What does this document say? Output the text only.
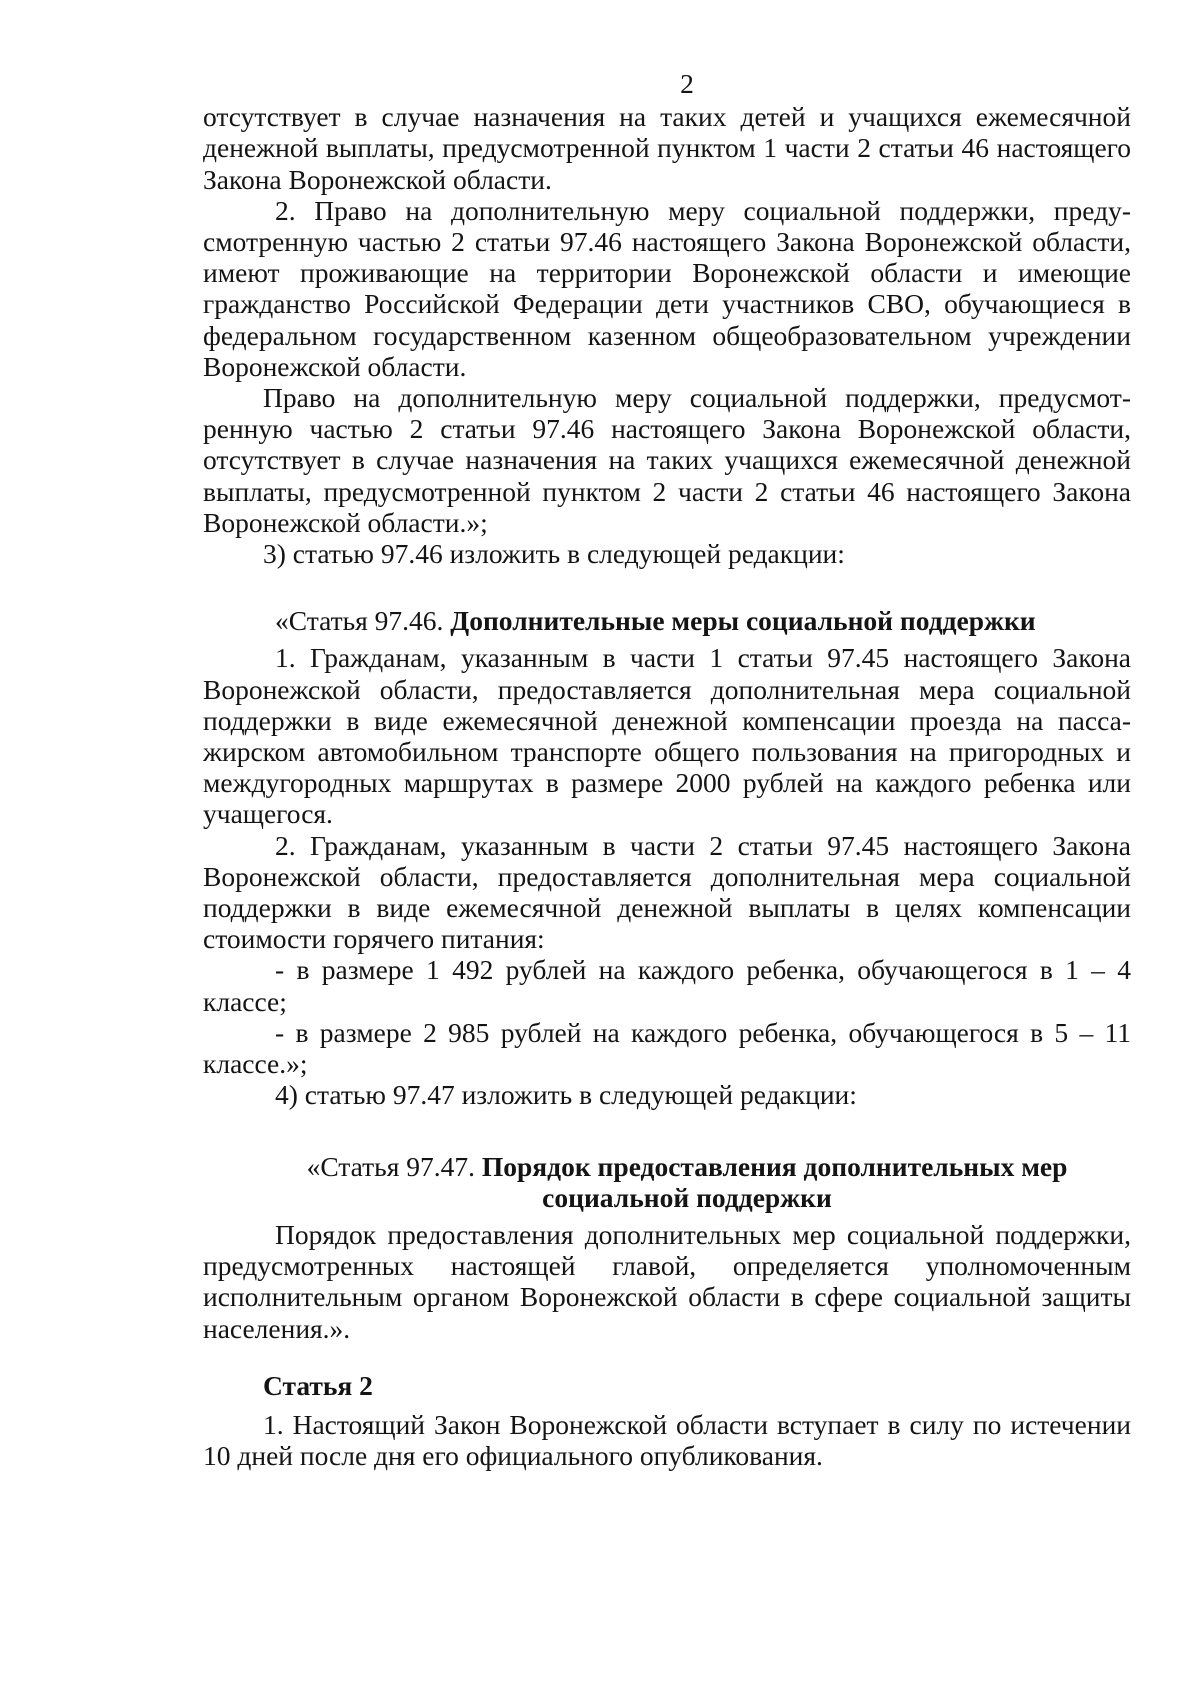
2

отсутствует в случае назначения на таких детей и учащихся ежемесячной денежной выплаты, предусмотренной пунктом 1 части 2 статьи 46 настоящего Закона Воронежской области.

2. Право на дополнительную меру социальной поддержки, предусмотренную частью 2 статьи 97.46 настоящего Закона Воронежской области, имеют проживающие на территории Воронежской области и имеющие гражданство Российской Федерации дети участников СВО, обучающиеся в федеральном государственном казенном общеобразовательном учреждении Воронежской области.

Право на дополнительную меру социальной поддержки, предусмотренную частью 2 статьи 97.46 настоящего Закона Воронежской области, отсутствует в случае назначения на таких учащихся ежемесячной денежной выплаты, предусмотренной пунктом 2 части 2 статьи 46 настоящего Закона Воронежской области.»;

3) статью 97.46 изложить в следующей редакции:

«Статья 97.46. Дополнительные меры социальной поддержки

1. Гражданам, указанным в части 1 статьи 97.45 настоящего Закона Воронежской области, предоставляется дополнительная мера социальной поддержки в виде ежемесячной денежной компенсации проезда на пассажирском автомобильном транспорте общего пользования на пригородных и междугородных маршрутах в размере 2000 рублей на каждого ребенка или учащегося.

2. Гражданам, указанным в части 2 статьи 97.45 настоящего Закона Воронежской области, предоставляется дополнительная мера социальной поддержки в виде ежемесячной денежной выплаты в целях компенсации стоимости горячего питания:

- в размере 1 492 рублей на каждого ребенка, обучающегося в 1 – 4 классе;

- в размере 2 985 рублей на каждого ребенка, обучающегося в 5 – 11 классе.»;

4) статью 97.47 изложить в следующей редакции:

«Статья 97.47. Порядок предоставления дополнительных мер
социальной поддержки

Порядок предоставления дополнительных мер социальной поддержки, предусмотренных настоящей главой, определяется уполномоченным исполнительным органом Воронежской области в сфере социальной защиты населения.».

Статья 2

1. Настоящий Закон Воронежской области вступает в силу по истечении 10 дней после дня его официального опубликования.
